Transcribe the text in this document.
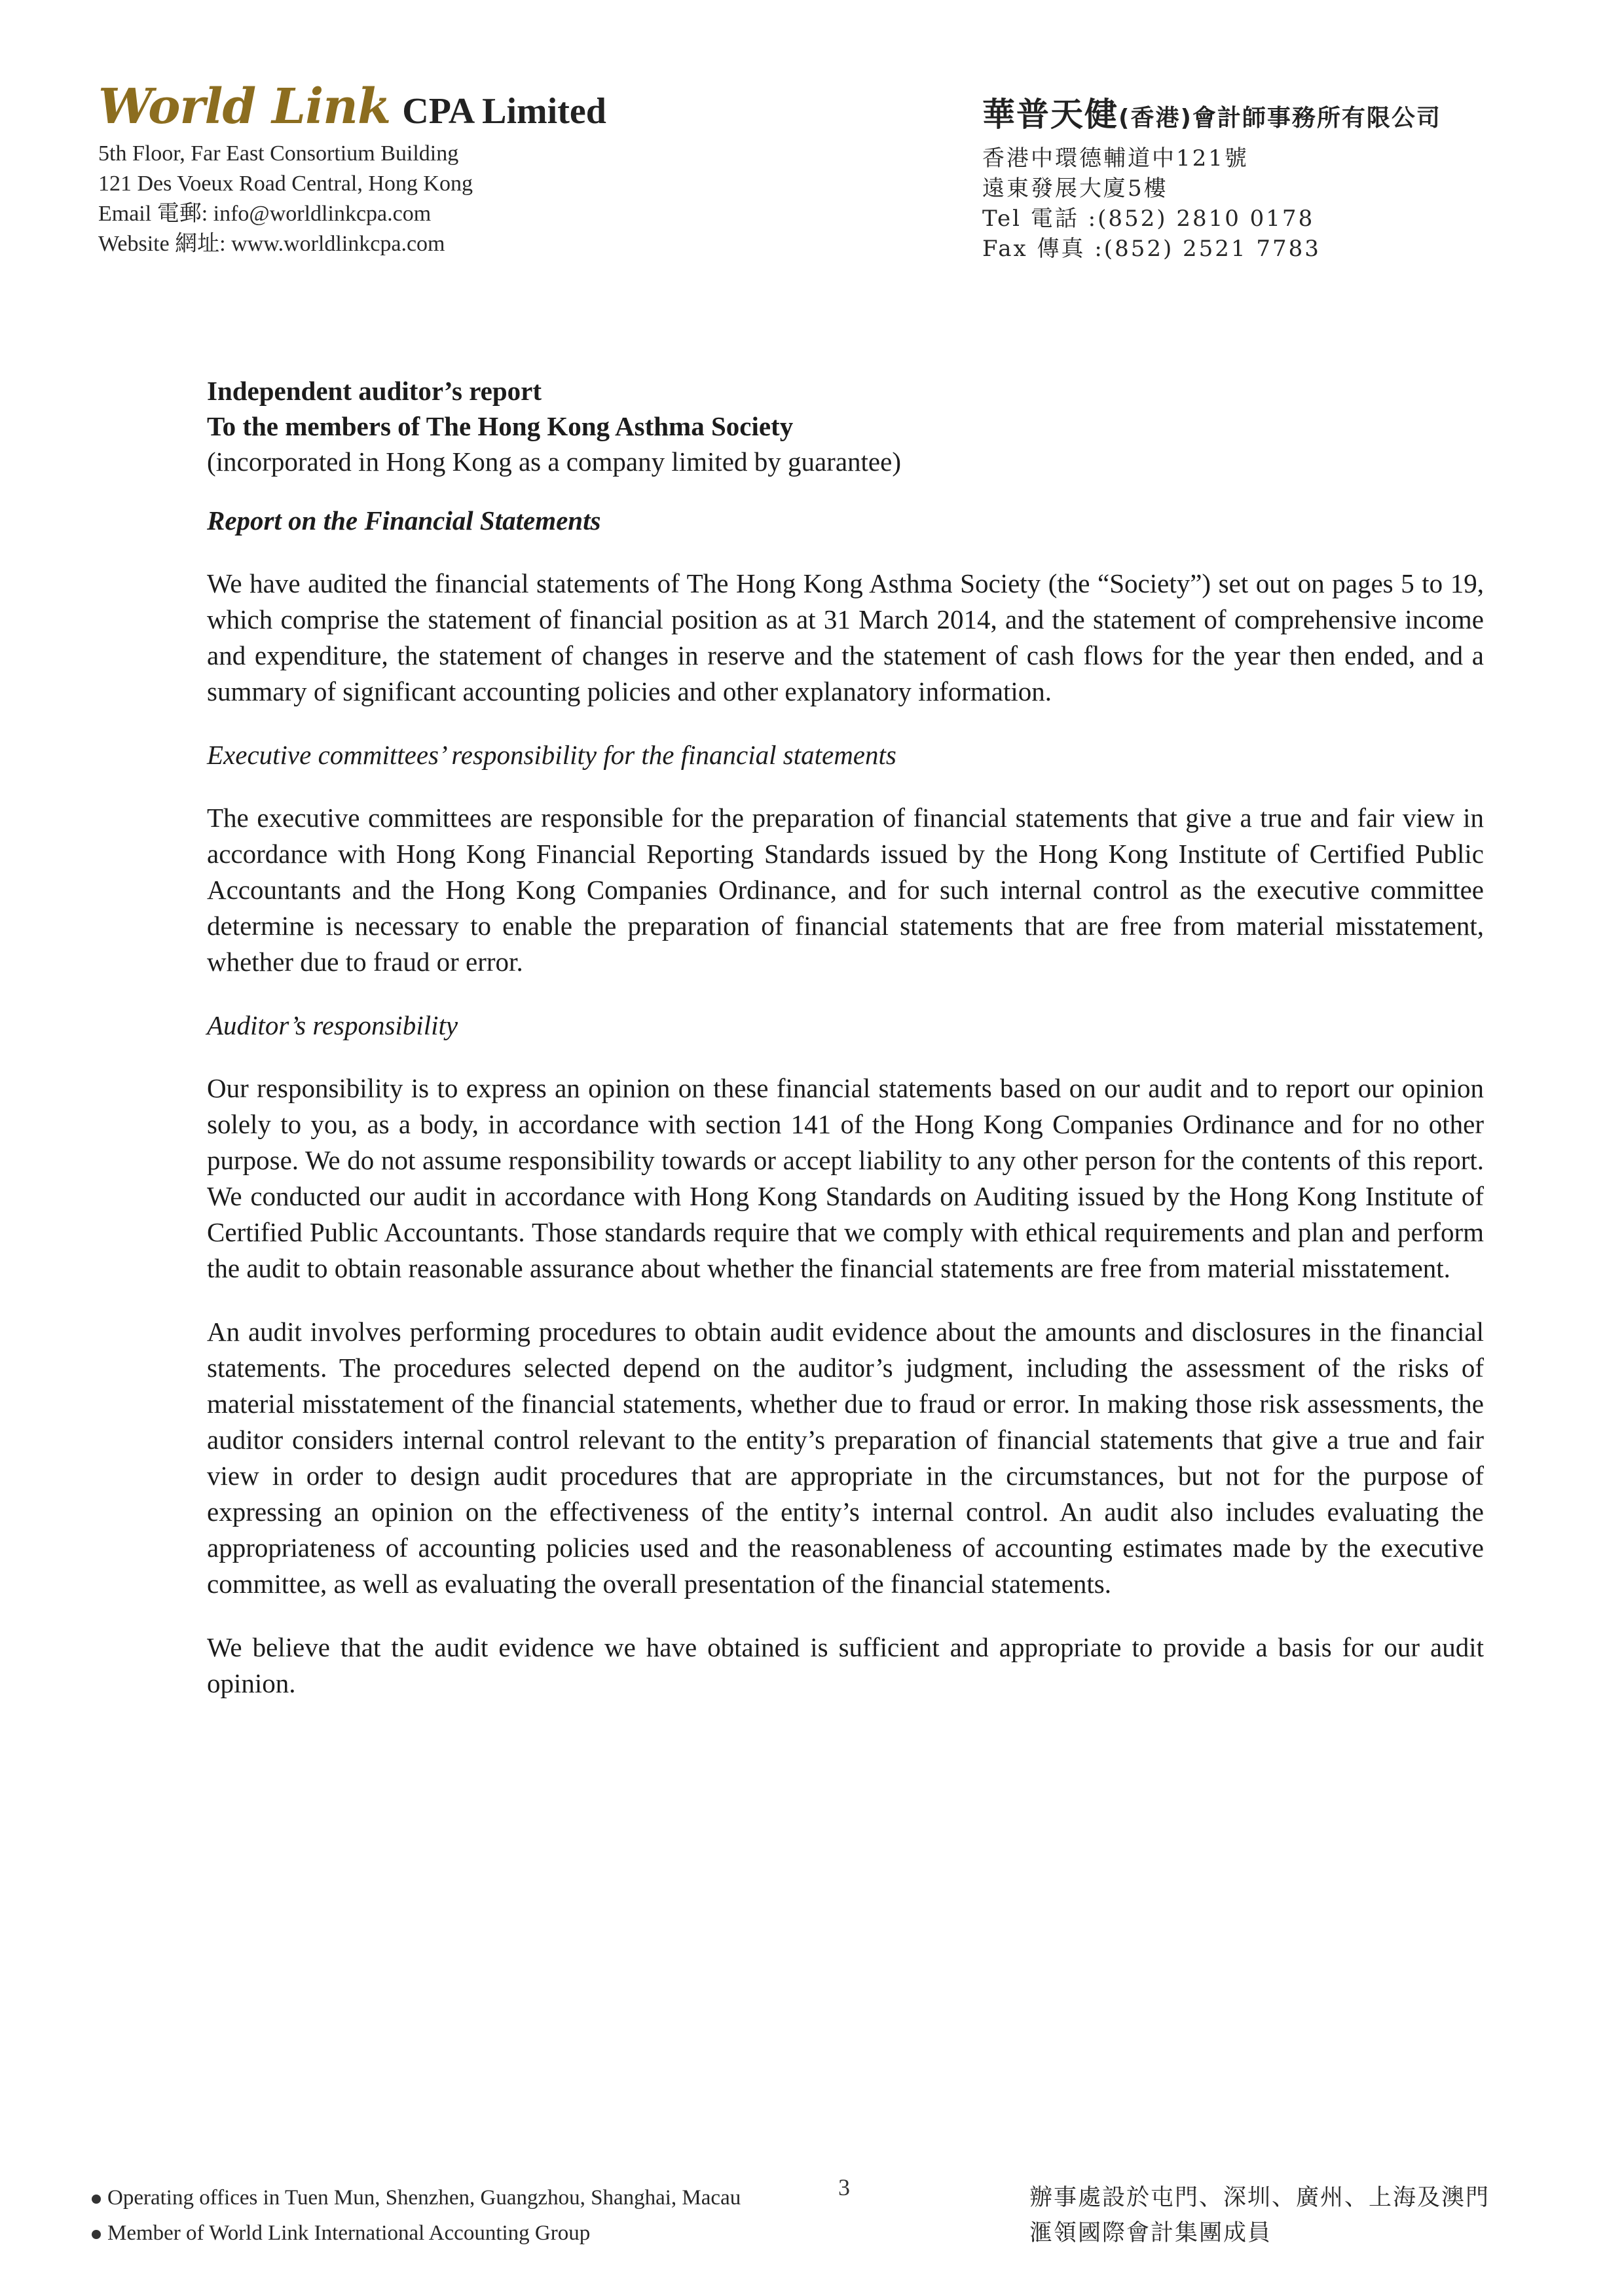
World Link CPA Limited
5th Floor, Far East Consortium Building
121 Des Voeux Road Central, Hong Kong
Email 電郵: info@worldlinkcpa.com
Website 網址: www.worldlinkcpa.com
華普天健(香港)會計師事務所有限公司
香港中環德輔道中121號
遠東發展大廈5樓
Tel 電話 :(852) 2810 0178
Fax 傳真 :(852) 2521 7783

Independent auditor’s report

To the members of The Hong Kong Asthma Society

(incorporated in Hong Kong as a company limited by guarantee)

Report on the Financial Statements

We have audited the financial statements of The Hong Kong Asthma Society (the “Society”) set out on pages 5 to 19, which comprise the statement of financial position as at 31 March 2014, and the statement of comprehensive income and expenditure, the statement of changes in reserve and the statement of cash flows for the year then ended, and a summary of significant accounting policies and other explanatory information.

Executive committees’ responsibility for the financial statements

The executive committees are responsible for the preparation of financial statements that give a true and fair view in accordance with Hong Kong Financial Reporting Standards issued by the Hong Kong Institute of Certified Public Accountants and the Hong Kong Companies Ordinance, and for such internal control as the executive committee determine is necessary to enable the preparation of financial statements that are free from material misstatement, whether due to fraud or error.

Auditor’s responsibility

Our responsibility is to express an opinion on these financial statements based on our audit and to report our opinion solely to you, as a body, in accordance with section 141 of the Hong Kong Companies Ordinance and for no other purpose. We do not assume responsibility towards or accept liability to any other person for the contents of this report. We conducted our audit in accordance with Hong Kong Standards on Auditing issued by the Hong Kong Institute of Certified Public Accountants. Those standards require that we comply with ethical requirements and plan and perform the audit to obtain reasonable assurance about whether the financial statements are free from material misstatement.

An audit involves performing procedures to obtain audit evidence about the amounts and disclosures in the financial statements. The procedures selected depend on the auditor’s judgment, including the assessment of the risks of material misstatement of the financial statements, whether due to fraud or error. In making those risk assessments, the auditor considers internal control relevant to the entity’s preparation of financial statements that give a true and fair view in order to design audit procedures that are appropriate in the circumstances, but not for the purpose of expressing an opinion on the effectiveness of the entity’s internal control. An audit also includes evaluating the appropriateness of accounting policies used and the reasonableness of accounting estimates made by the executive committee, as well as evaluating the overall presentation of the financial statements.

We believe that the audit evidence we have obtained is sufficient and appropriate to provide a basis for our audit opinion.

Operating offices in Tuen Mun, Shenzhen, Guangzhou, Shanghai, Macau
Member of World Link International Accounting Group
3	辦事處設於屯門、深圳、廣州、上海及澳門
滙領國際會計集團成員
